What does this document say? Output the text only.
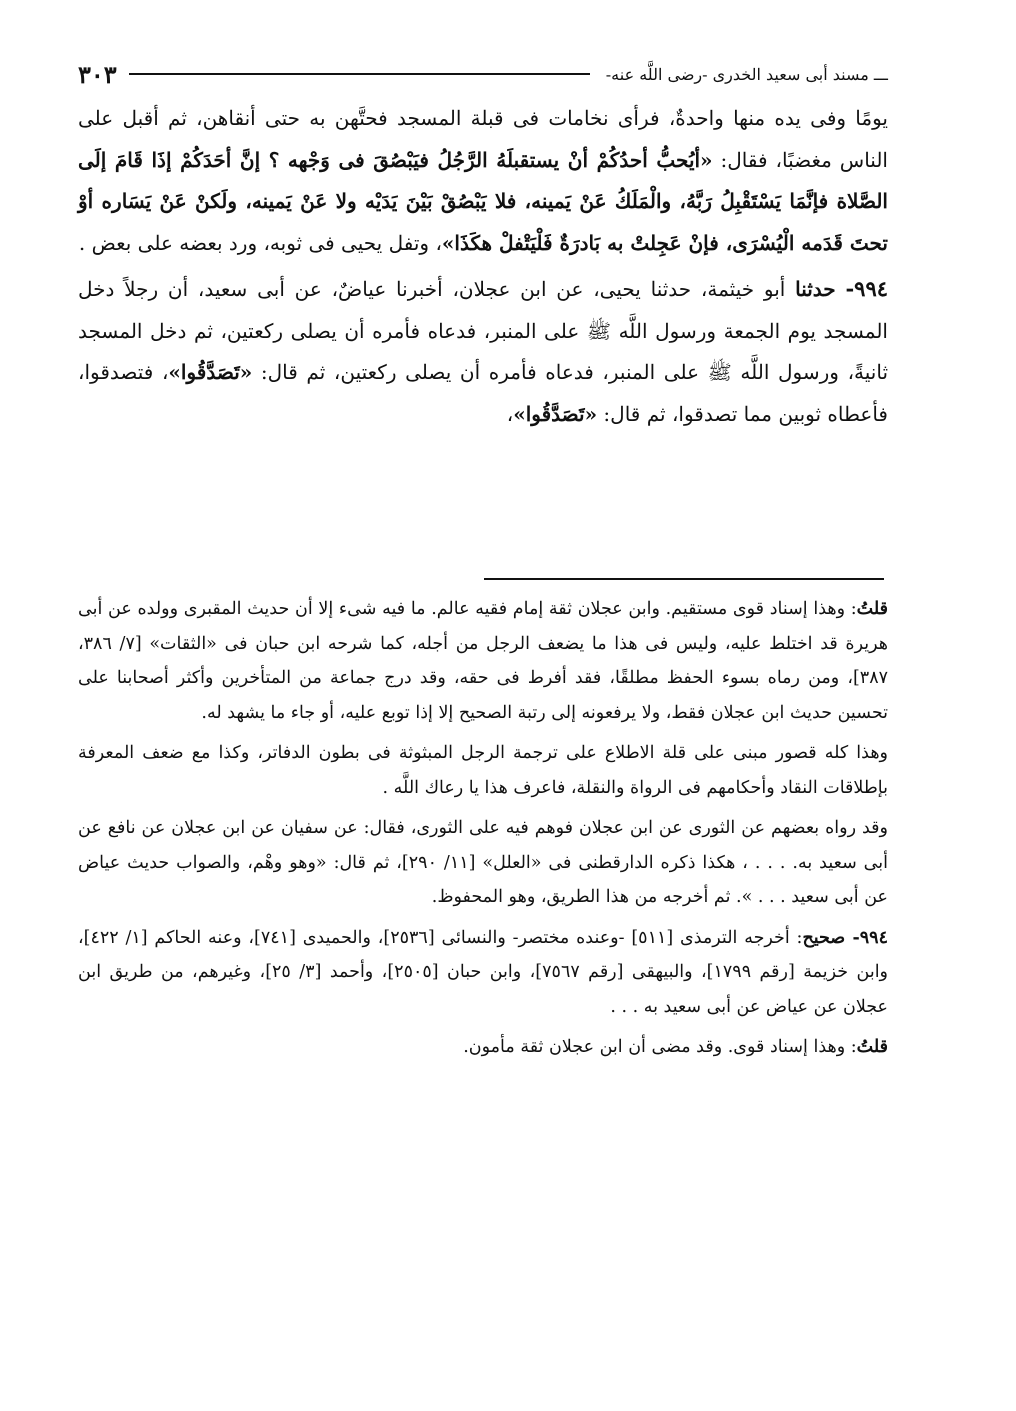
ـــ مسند أبى سعيد الخدرى -رضى اللَّه عنه-
٣٠٣

يومًا وفى يده منها واحدةٌ، فرأى نخامات فى قبلة المسجد فحتَّهن به حتى أنقاهن، ثم أقبل على الناس مغضبًا، فقال: «أيُحبُّ أحدُكُمْ أنْ يستقبلَهُ الرَّجُلُ فيَبْصُقَ فى وَجْهه ؟ إنَّ أحَدَكُمْ إذَا قَامَ إلَى الصَّلاة فإنَّمَا يَسْتَقْبِلُ رَبَّهُ، والْمَلَكُ عَنْ يَمينه، فلا يَبْصُقْ بَيْنَ يَدَيْه ولا عَنْ يَمينه، ولَكنْ عَنْ يَسَاره أوْ تحتَ قَدَمه الْيُسْرَى، فإنْ عَجِلتْ به بَادرَةٌ فَلْيَتْفلْ هكَذَا»، وتفل يحيى فى ثوبه، ورد بعضه على بعض .

٩٩٤- حدثنا أبو خيثمة، حدثنا يحيى، عن ابن عجلان، أخبرنا عياضٌ، عن أبى سعيد، أن رجلاً دخل المسجد يوم الجمعة ورسول اللَّه ﷺ على المنبر، فدعاه فأمره أن يصلى ركعتين، ثم دخل المسجد ثانيةً، ورسول اللَّه ﷺ على المنبر، فدعاه فأمره أن يصلى ركعتين، ثم قال: «تَصَدَّقُوا»، فتصدقوا، فأعطاه ثوبين مما تصدقوا، ثم قال: «تَصَدَّقُوا»،

قلتُ: وهذا إسناد قوى مستقيم. وابن عجلان ثقة إمام فقيه عالم. ما فيه شىء إلا أن حديث المقبرى وولده عن أبى هريرة قد اختلط عليه، وليس فى هذا ما يضعف الرجل من أجله، كما شرحه ابن حبان فى «الثقات» [٧/ ٣٨٦، ٣٨٧]، ومن رماه بسوء الحفظ مطلقًا، فقد أفرط فى حقه، وقد درج جماعة من المتأخرين وأكثر أصحابنا على تحسين حديث ابن عجلان فقط، ولا يرفعونه إلى رتبة الصحيح إلا إذا توبع عليه، أو جاء ما يشهد له.

وهذا كله قصور مبنى على قلة الاطلاع على ترجمة الرجل المبثوثة فى بطون الدفاتر، وكذا مع ضعف المعرفة بإطلاقات النقاد وأحكامهم فى الرواة والنقلة، فاعرف هذا يا رعاك اللَّه .

وقد رواه بعضهم عن الثورى عن ابن عجلان فوهم فيه على الثورى، فقال: عن سفيان عن ابن عجلان عن نافع عن أبى سعيد به. . . . ، هكذا ذكره الدارقطنى فى «العلل» [١١/ ٢٩٠]، ثم قال: «وهو وهْم، والصواب حديث عياض عن أبى سعيد . . . ». ثم أخرجه من هذا الطريق، وهو المحفوظ.

٩٩٤- صحيح: أخرجه الترمذى [٥١١] -وعنده مختصر- والنسائى [٢٥٣٦]، والحميدى [٧٤١]، وعنه الحاكم [١/ ٤٢٢]، وابن خزيمة [رقم ١٧٩٩]، والبيهقى [رقم ٧٥٦٧]، وابن حبان [٢٥٠٥]، وأحمد [٣/ ٢٥]، وغيرهم، من طريق ابن عجلان عن عياض عن أبى سعيد به . . .

قلتُ: وهذا إسناد قوى. وقد مضى أن ابن عجلان ثقة مأمون.
